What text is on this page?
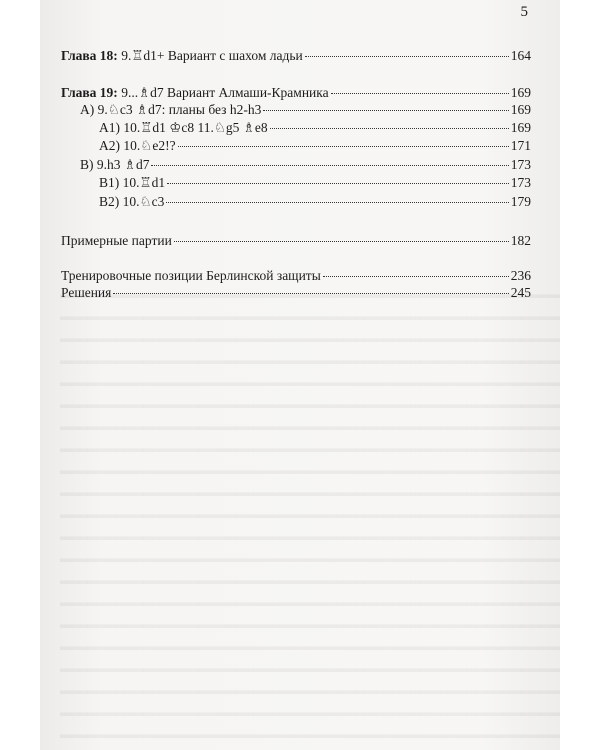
5
Глава 18: 9.♖d1+ Вариант с шахом ладьи	164
Глава 19: 9...♗d7 Вариант Алмаши-Крамника	169
А) 9.♘c3 ♗d7: планы без h2-h3	169
А1) 10.♖d1 ♔c8 11.♘g5 ♗e8	169
А2) 10.♘e2!?	171
В) 9.h3 ♗d7	173
В1) 10.♖d1	173
В2) 10.♘c3	179
Примерные партии	182
Тренировочные позиции Берлинской защиты	236
Решения	245
